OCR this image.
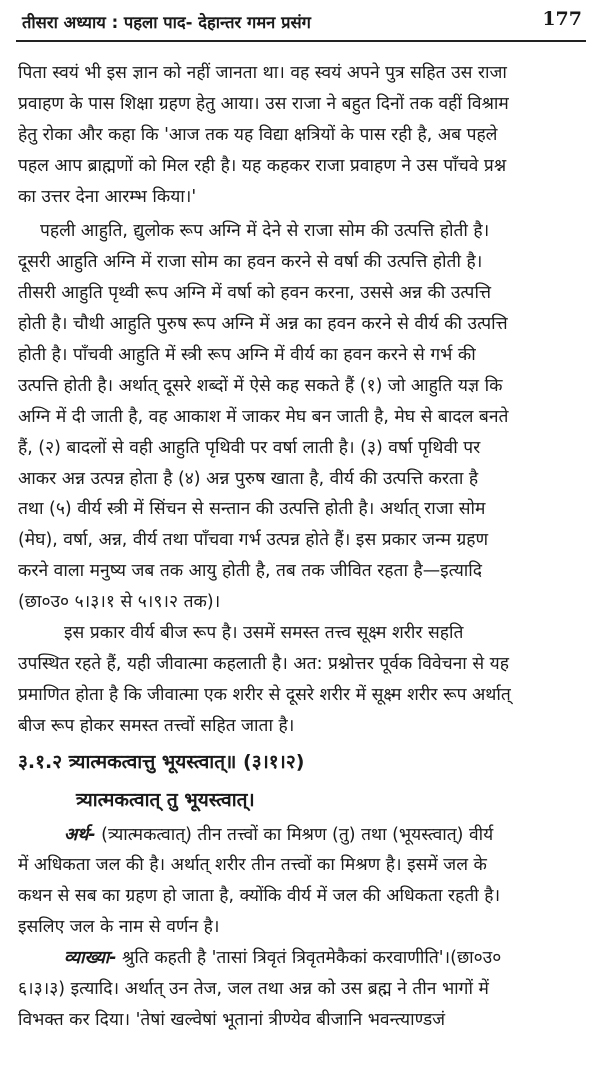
तीसरा अध्याय : पहला पाद- देहान्तर गमन प्रसंग	177
पिता स्वयं भी इस ज्ञान को नहीं जानता था। वह स्वयं अपने पुत्र सहित उस राजा
प्रवाहण के पास शिक्षा ग्रहण हेतु आया। उस राजा ने बहुत दिनों तक वहीं विश्राम
हेतु रोका और कहा कि 'आज तक यह विद्या क्षत्रियों के पास रही है, अब पहले
पहल आप ब्राह्मणों को मिल रही है। यह कहकर राजा प्रवाहण ने उस पाँचवे प्रश्न
का उत्तर देना आरम्भ किया।'
पहली आहुति, द्युलोक रूप अग्नि में देने से राजा सोम की उत्पत्ति होती है।
दूसरी आहुति अग्नि में राजा सोम का हवन करने से वर्षा की उत्पत्ति होती है।
तीसरी आहुति पृथ्वी रूप अग्नि में वर्षा को हवन करना, उससे अन्न की उत्पत्ति
होती है। चौथी आहुति पुरुष रूप अग्नि में अन्न का हवन करने से वीर्य की उत्पत्ति
होती है। पाँचवी आहुति में स्त्री रूप अग्नि में वीर्य का हवन करने से गर्भ की
उत्पत्ति होती है। अर्थात् दूसरे शब्दों में ऐसे कह सकते हैं (१) जो आहुति यज्ञ कि
अग्नि में दी जाती है, वह आकाश में जाकर मेघ बन जाती है, मेघ से बादल बनते
हैं, (२) बादलों से वही आहुति पृथिवी पर वर्षा लाती है। (३) वर्षा पृथिवी पर
आकर अन्न उत्पन्न होता है (४) अन्न पुरुष खाता है, वीर्य की उत्पत्ति करता है
तथा (५) वीर्य स्त्री में सिंचन से सन्तान की उत्पत्ति होती है। अर्थात् राजा सोम
(मेघ), वर्षा, अन्न, वीर्य तथा पाँचवा गर्भ उत्पन्न होते हैं। इस प्रकार जन्म ग्रहण
करने वाला मनुष्य जब तक आयु होती है, तब तक जीवित रहता है—इत्यादि
(छा०उ० ५।३।१ से ५।९।२ तक)।
इस प्रकार वीर्य बीज रूप है। उसमें समस्त तत्त्व सूक्ष्म शरीर सहति
उपस्थित रहते हैं, यही जीवात्मा कहलाती है। अत: प्रश्नोत्तर पूर्वक विवेचना से यह
प्रमाणित होता है कि जीवात्मा एक शरीर से दूसरे शरीर में सूक्ष्म शरीर रूप अर्थात्
बीज रूप होकर समस्त तत्त्वों सहित जाता है।
३.१.२ त्र्यात्मकत्वात्तु भूयस्त्वात्॥ (३।१।२)
त्र्यात्मकत्वात् तु भूयस्त्वात्।
अर्थ- (त्र्यात्मकत्वात्) तीन तत्त्वों का मिश्रण (तु) तथा (भूयस्त्वात्) वीर्य
में अधिकता जल की है। अर्थात् शरीर तीन तत्त्वों का मिश्रण है। इसमें जल के
कथन से सब का ग्रहण हो जाता है, क्योंकि वीर्य में जल की अधिकता रहती है।
इसलिए जल के नाम से वर्णन है।
व्याख्या- श्रुति कहती है 'तासां त्रिवृतं त्रिवृतमेकैकां करवाणीति'।(छा०उ०
६।३।३) इत्यादि। अर्थात् उन तेज, जल तथा अन्न को उस ब्रह्म ने तीन भागों में
विभक्त कर दिया। 'तेषां खल्वेषां भूतानां त्रीण्येव बीजानि भवन्त्याण्डजं
